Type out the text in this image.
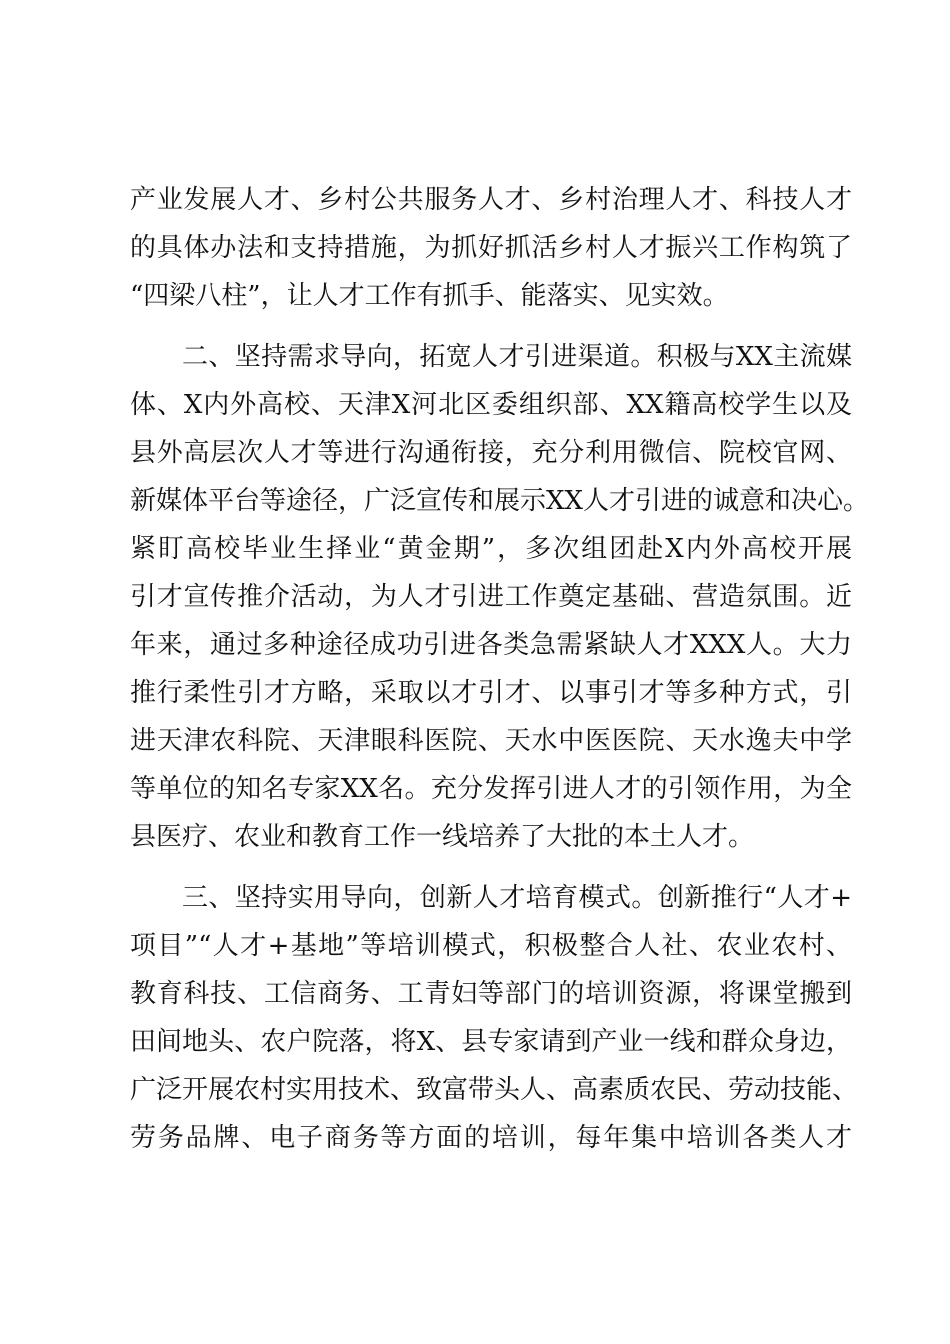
产业发展人才、乡村公共服务人才、乡村治理人才、科技人才
的具体办法和支持措施，为抓好抓活乡村人才振兴工作构筑了
“四梁八柱”，让人才工作有抓手、能落实、见实效。
二、坚持需求导向，拓宽人才引进渠道。积极与XX主流媒
体、X内外高校、天津X河北区委组织部、XX籍高校学生以及
县外高层次人才等进行沟通衔接，充分利用微信、院校官网、
新媒体平台等途径，广泛宣传和展示XX人才引进的诚意和决心。
紧盯高校毕业生择业“黄金期”，多次组团赴X内外高校开展
引才宣传推介活动，为人才引进工作奠定基础、营造氛围。近
年来，通过多种途径成功引进各类急需紧缺人才XXX人。大力
推行柔性引才方略，采取以才引才、以事引才等多种方式，引
进天津农科院、天津眼科医院、天水中医医院、天水逸夫中学
等单位的知名专家XX名。充分发挥引进人才的引领作用，为全
县医疗、农业和教育工作一线培养了大批的本土人才。
三、坚持实用导向，创新人才培育模式。创新推行“人才+
项目”“人才+基地”等培训模式，积极整合人社、农业农村、
教育科技、工信商务、工青妇等部门的培训资源，将课堂搬到
田间地头、农户院落，将X、县专家请到产业一线和群众身边，
广泛开展农村实用技术、致富带头人、高素质农民、劳动技能、
劳务品牌、电子商务等方面的培训，每年集中培训各类人才
